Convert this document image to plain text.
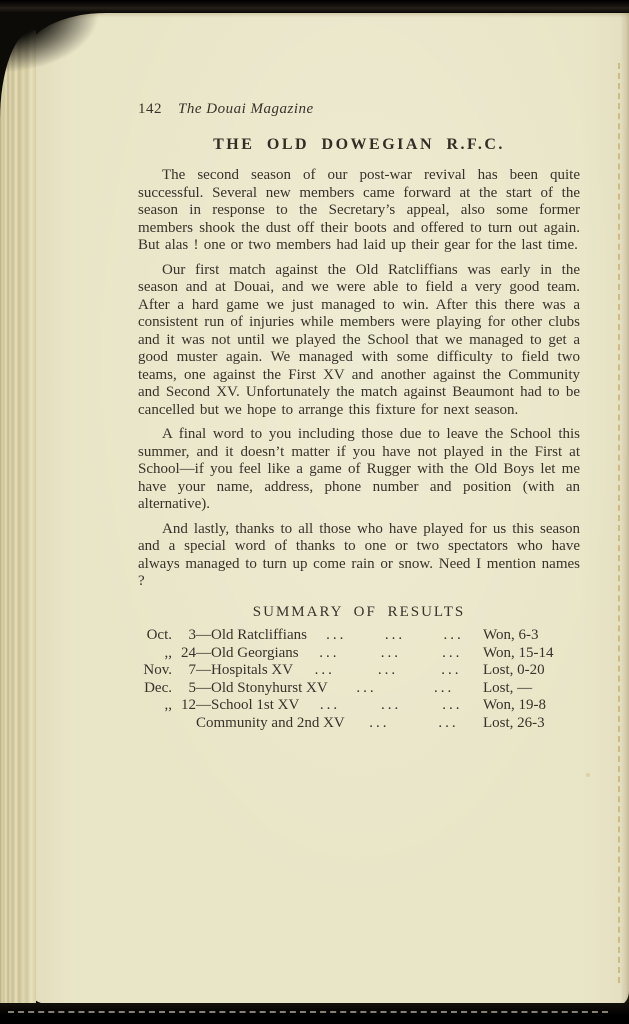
142 The Douai Magazine
THE OLD DOWEGIAN R.F.C.

The second season of our post-war revival has been quite successful. Several new members came forward at the start of the season in response to the Secretary’s appeal, also some former members shook the dust off their boots and offered to turn out again. But alas ! one or two members had laid up their gear for the last time.

Our first match against the Old Ratcliffians was early in the season and at Douai, and we were able to field a very good team. After a hard game we just managed to win. After this there was a consistent run of injuries while members were playing for other clubs and it was not until we played the School that we managed to get a good muster again. We managed with some difficulty to field two teams, one against the First XV and another against the Community and Second XV. Unfortunately the match against Beaumont had to be cancelled but we hope to arrange this fixture for next season.

A final word to you including those due to leave the School this summer, and it doesn’t matter if you have not played in the First at School—if you feel like a game of Rugger with the Old Boys let me have your name, address, phone number and position (with an alternative).

And lastly, thanks to all those who have played for us this season and a special word of thanks to one or two spectators who have always managed to turn up come rain or snow. Need I mention names ?

SUMMARY OF RESULTS
Oct.	3 —Old Ratcliffians ...	...	... Won, 6-3
,, 24 —Old Georgians ...	...	... Won, 15-14
Nov.	7 —Hospitals XV ...	...	... Lost, 0-20
Dec.	5 —Old Stonyhurst XV ...	... Lost, —
,, 12 —School 1st XV ...	...	... Won, 19-8
Community and 2nd XV ...	... Lost, 26-3
